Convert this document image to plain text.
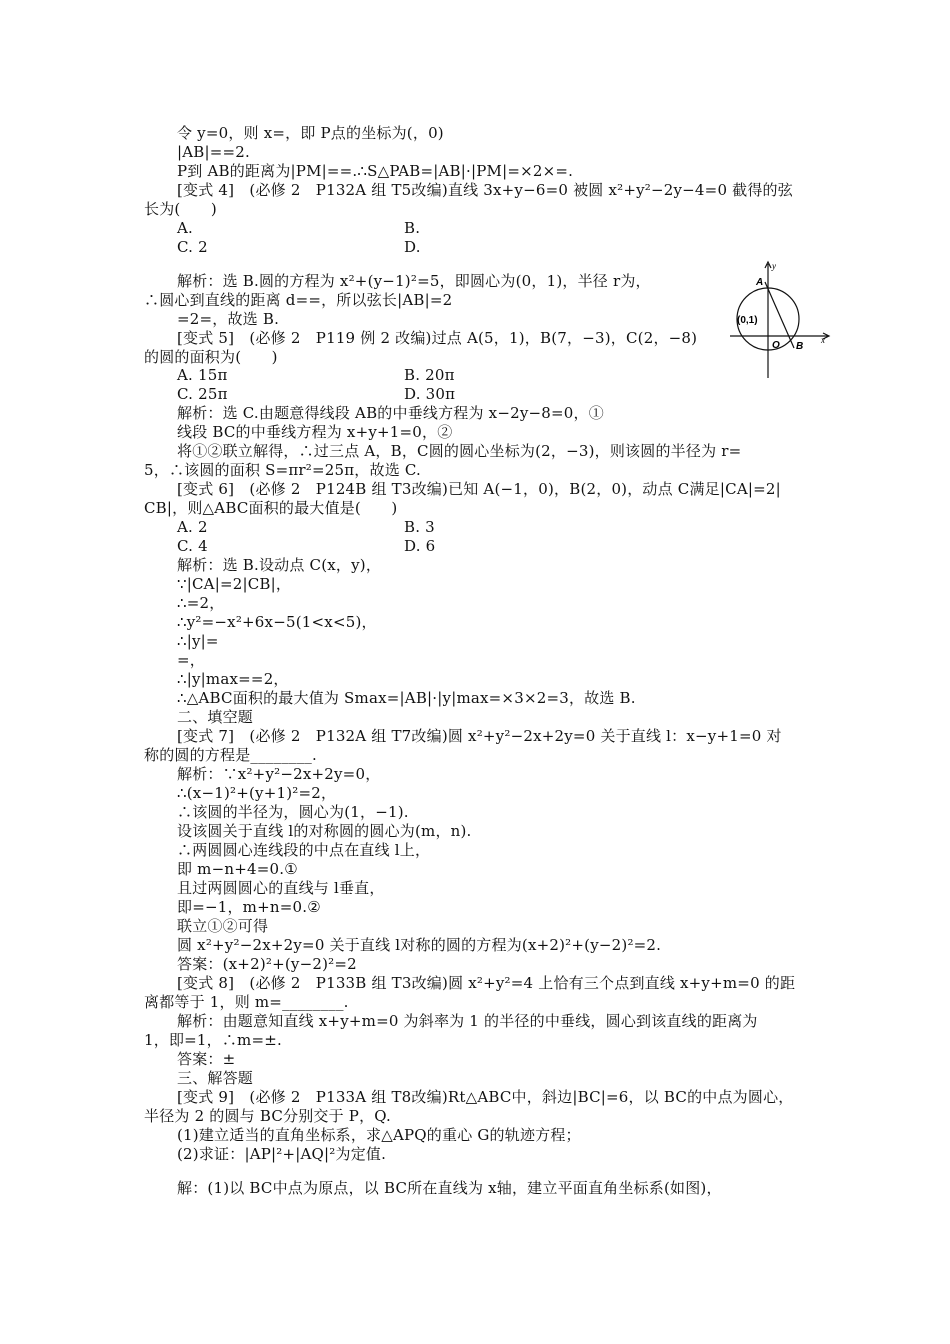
令 y=0，则 x=，即 P点的坐标为(，0)
|AB|==2.
P到 AB的距离为|PM|==.∴S△PAB=|AB|·|PM|=×2×=.
[变式 4]　(必修 2　P132A 组 T5改编)直线 3x+y−6=0 被圆 x²+y²−2y−4=0 截得的弦
长为(　　)
A.	B.
C. 2	D.
解析：选 B.圆的方程为 x²+(y−1)²=5，即圆心为(0，1)，半径 r为，
∴圆心到直线的距离 d==，所以弦长|AB|=2
=2=，故选 B.
[变式 5]　(必修 2　P119 例 2 改编)过点 A(5，1)，B(7，−3)，C(2，−8)
的圆的面积为(　　)
A. 15π	B. 20π
C. 25π	D. 30π
解析：选 C.由题意得线段 AB的中垂线方程为 x−2y−8=0，①
线段 BC的中垂线方程为 x+y+1=0，②
将①②联立解得，∴过三点 A，B，C圆的圆心坐标为(2，−3)，则该圆的半径为 r=
5，∴该圆的面积 S=πr²=25π，故选 C.
[变式 6]　(必修 2　P124B 组 T3改编)已知 A(−1，0)，B(2，0)，动点 C满足|CA|=2|
CB|，则△ABC面积的最大值是(　　)
A. 2	B. 3
C. 4	D. 6
解析：选 B.设动点 C(x，y)，
∵|CA|=2|CB|，
∴=2，
∴y²=−x²+6x−5(1<x<5)，
∴|y|=
=，
∴|y|max==2，
∴△ABC面积的最大值为 Smax=|AB|·|y|max=×3×2=3，故选 B.
二、填空题
[变式 7]　(必修 2　P132A 组 T7改编)圆 x²+y²−2x+2y=0 关于直线 l：x−y+1=0 对
称的圆的方程是________.
解析：∵x²+y²−2x+2y=0，
∴(x−1)²+(y+1)²=2，
∴该圆的半径为，圆心为(1，−1).
设该圆关于直线 l的对称圆的圆心为(m，n).
∴两圆圆心连线段的中点在直线 l上，
即 m−n+4=0.①
且过两圆圆心的直线与 l垂直，
即=−1，m+n=0.②
联立①②可得
圆 x²+y²−2x+2y=0 关于直线 l对称的圆的方程为(x+2)²+(y−2)²=2.
答案：(x+2)²+(y−2)²=2
[变式 8]　(必修 2　P133B 组 T3改编)圆 x²+y²=4 上恰有三个点到直线 x+y+m=0 的距
离都等于 1，则 m=________.
解析：由题意知直线 x+y+m=0 为斜率为 1 的半径的中垂线，圆心到该直线的距离为
1，即=1，∴m=±.
答案：±
三、解答题
[变式 9]　(必修 2　P133A 组 T8改编)Rt△ABC中，斜边|BC|=6，以 BC的中点为圆心，
半径为 2 的圆与 BC分别交于 P，Q.
(1)建立适当的直角坐标系，求△APQ的重心 G的轨迹方程；
(2)求证：|AP|²+|AQ|²为定值.
解：(1)以 BC中点为原点，以 BC所在直线为 x轴，建立平面直角坐标系(如图)，
y
x
(0,1)
O
A
B
